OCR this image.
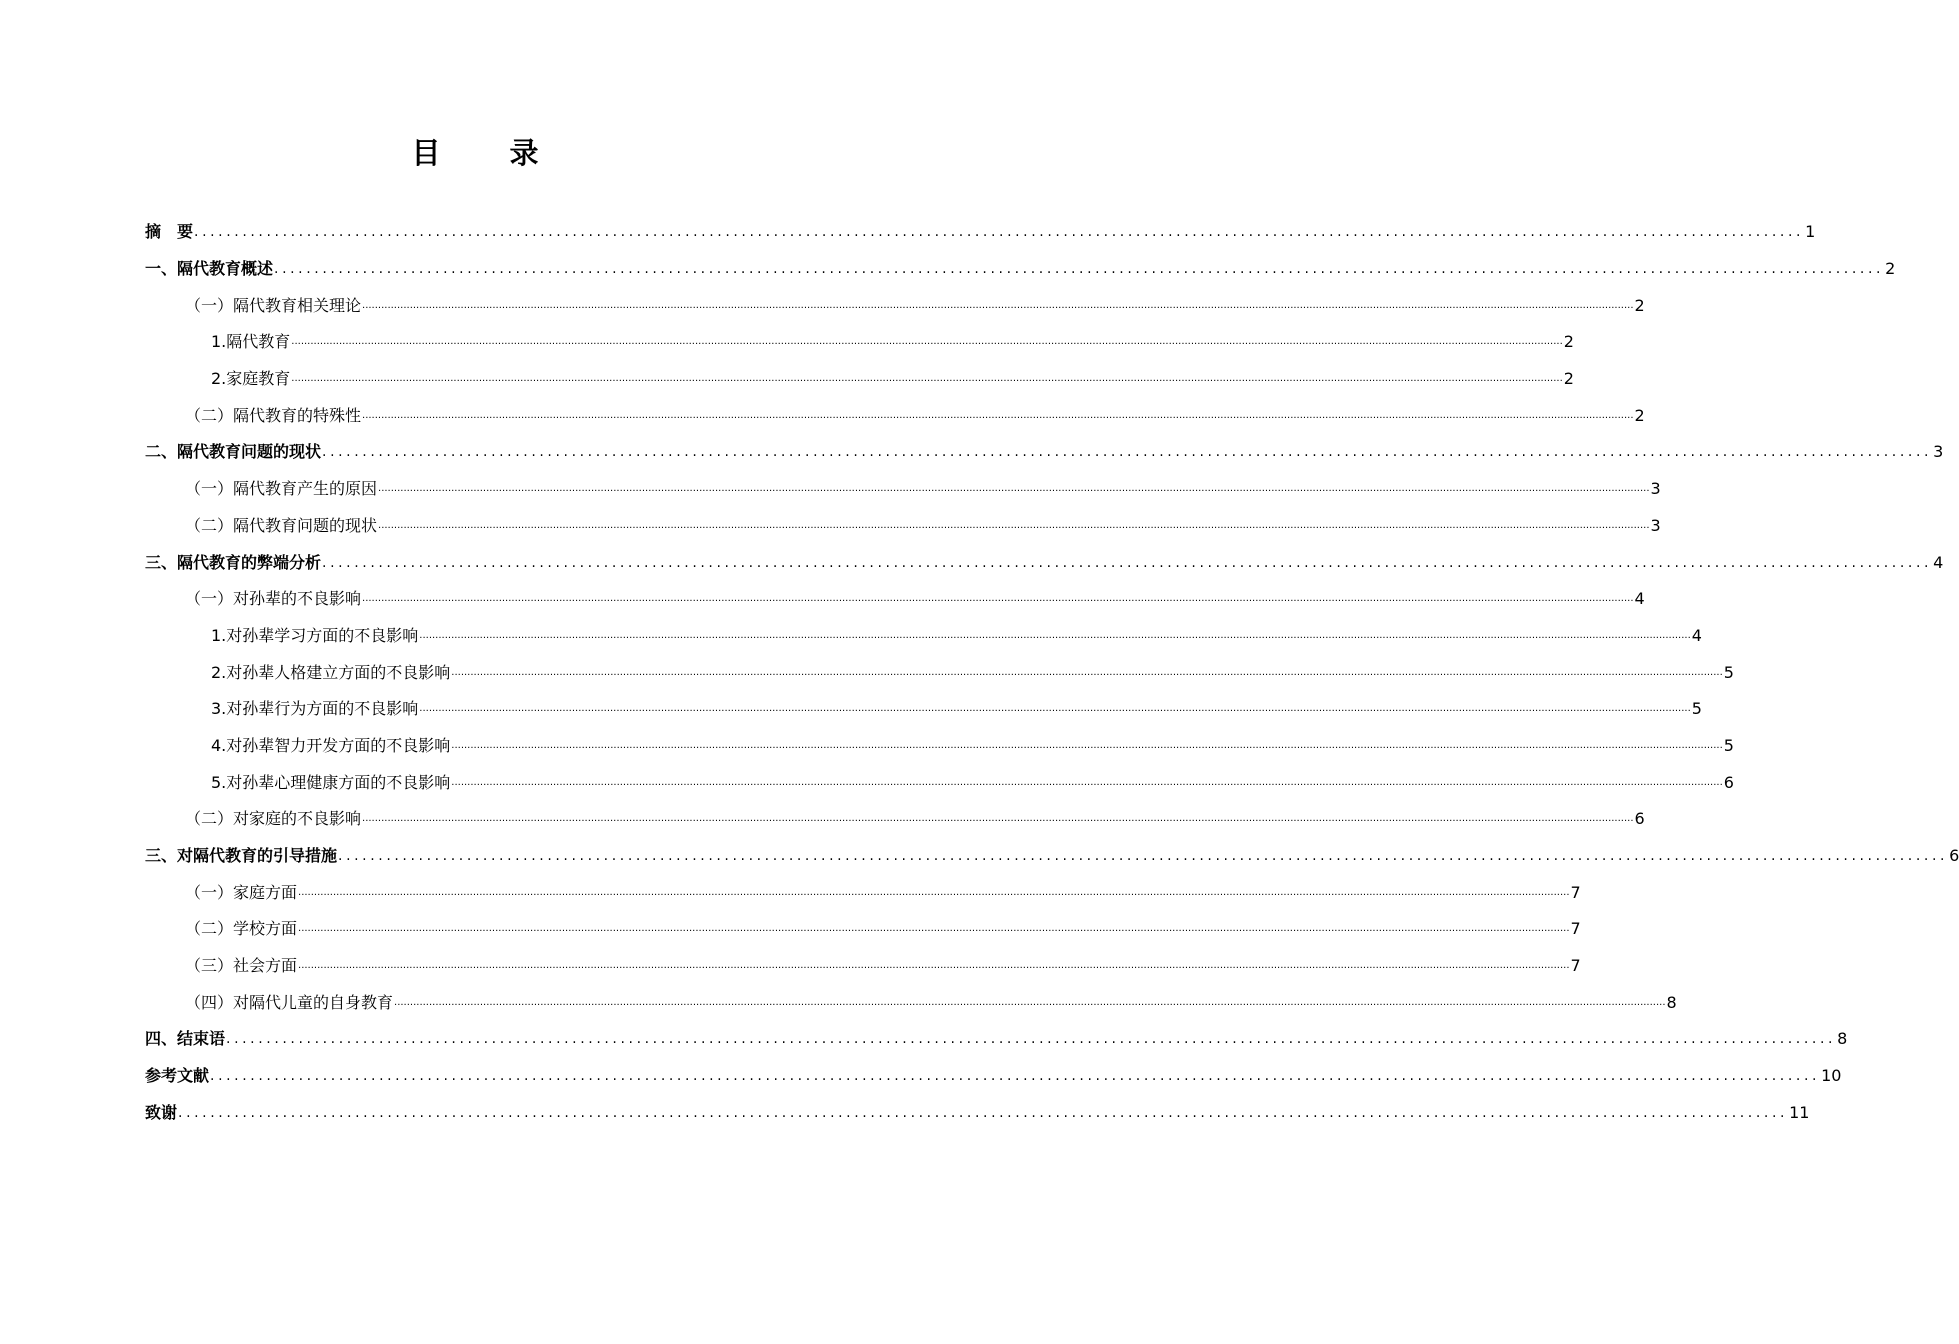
目　录
摘　要 ........................................................................................................................................................................................................ 1
一、隔代教育概述 ........................................................................................................................................................................................................ 2
（一）隔代教育相关理论 ................................................................................................................................................................................................................................................................................................................................................................................................................ 2
1.隔代教育 ................................................................................................................................................................................................................................................................................................................................................................................................................ 2
2.家庭教育 ................................................................................................................................................................................................................................................................................................................................................................................................................ 2
（二）隔代教育的特殊性 ................................................................................................................................................................................................................................................................................................................................................................................................................ 2
二、隔代教育问题的现状 ........................................................................................................................................................................................................ 3
（一）隔代教育产生的原因 ................................................................................................................................................................................................................................................................................................................................................................................................................ 3
（二）隔代教育问题的现状 ................................................................................................................................................................................................................................................................................................................................................................................................................ 3
三、隔代教育的弊端分析 ........................................................................................................................................................................................................ 4
（一）对孙辈的不良影响 ................................................................................................................................................................................................................................................................................................................................................................................................................ 4
1.对孙辈学习方面的不良影响 ................................................................................................................................................................................................................................................................................................................................................................................................................ 4
2.对孙辈人格建立方面的不良影响 ................................................................................................................................................................................................................................................................................................................................................................................................................ 5
3.对孙辈行为方面的不良影响 ................................................................................................................................................................................................................................................................................................................................................................................................................ 5
4.对孙辈智力开发方面的不良影响 ................................................................................................................................................................................................................................................................................................................................................................................................................ 5
5.对孙辈心理健康方面的不良影响 ................................................................................................................................................................................................................................................................................................................................................................................................................ 6
（二）对家庭的不良影响 ................................................................................................................................................................................................................................................................................................................................................................................................................ 6
三、对隔代教育的引导措施 ........................................................................................................................................................................................................ 6
（一）家庭方面 ................................................................................................................................................................................................................................................................................................................................................................................................................ 7
（二）学校方面 ................................................................................................................................................................................................................................................................................................................................................................................................................ 7
（三）社会方面 ................................................................................................................................................................................................................................................................................................................................................................................................................ 7
（四）对隔代儿童的自身教育 ................................................................................................................................................................................................................................................................................................................................................................................................................ 8
四、结束语 ........................................................................................................................................................................................................ 8
参考文献 ........................................................................................................................................................................................................ 10
致谢 ........................................................................................................................................................................................................ 11
